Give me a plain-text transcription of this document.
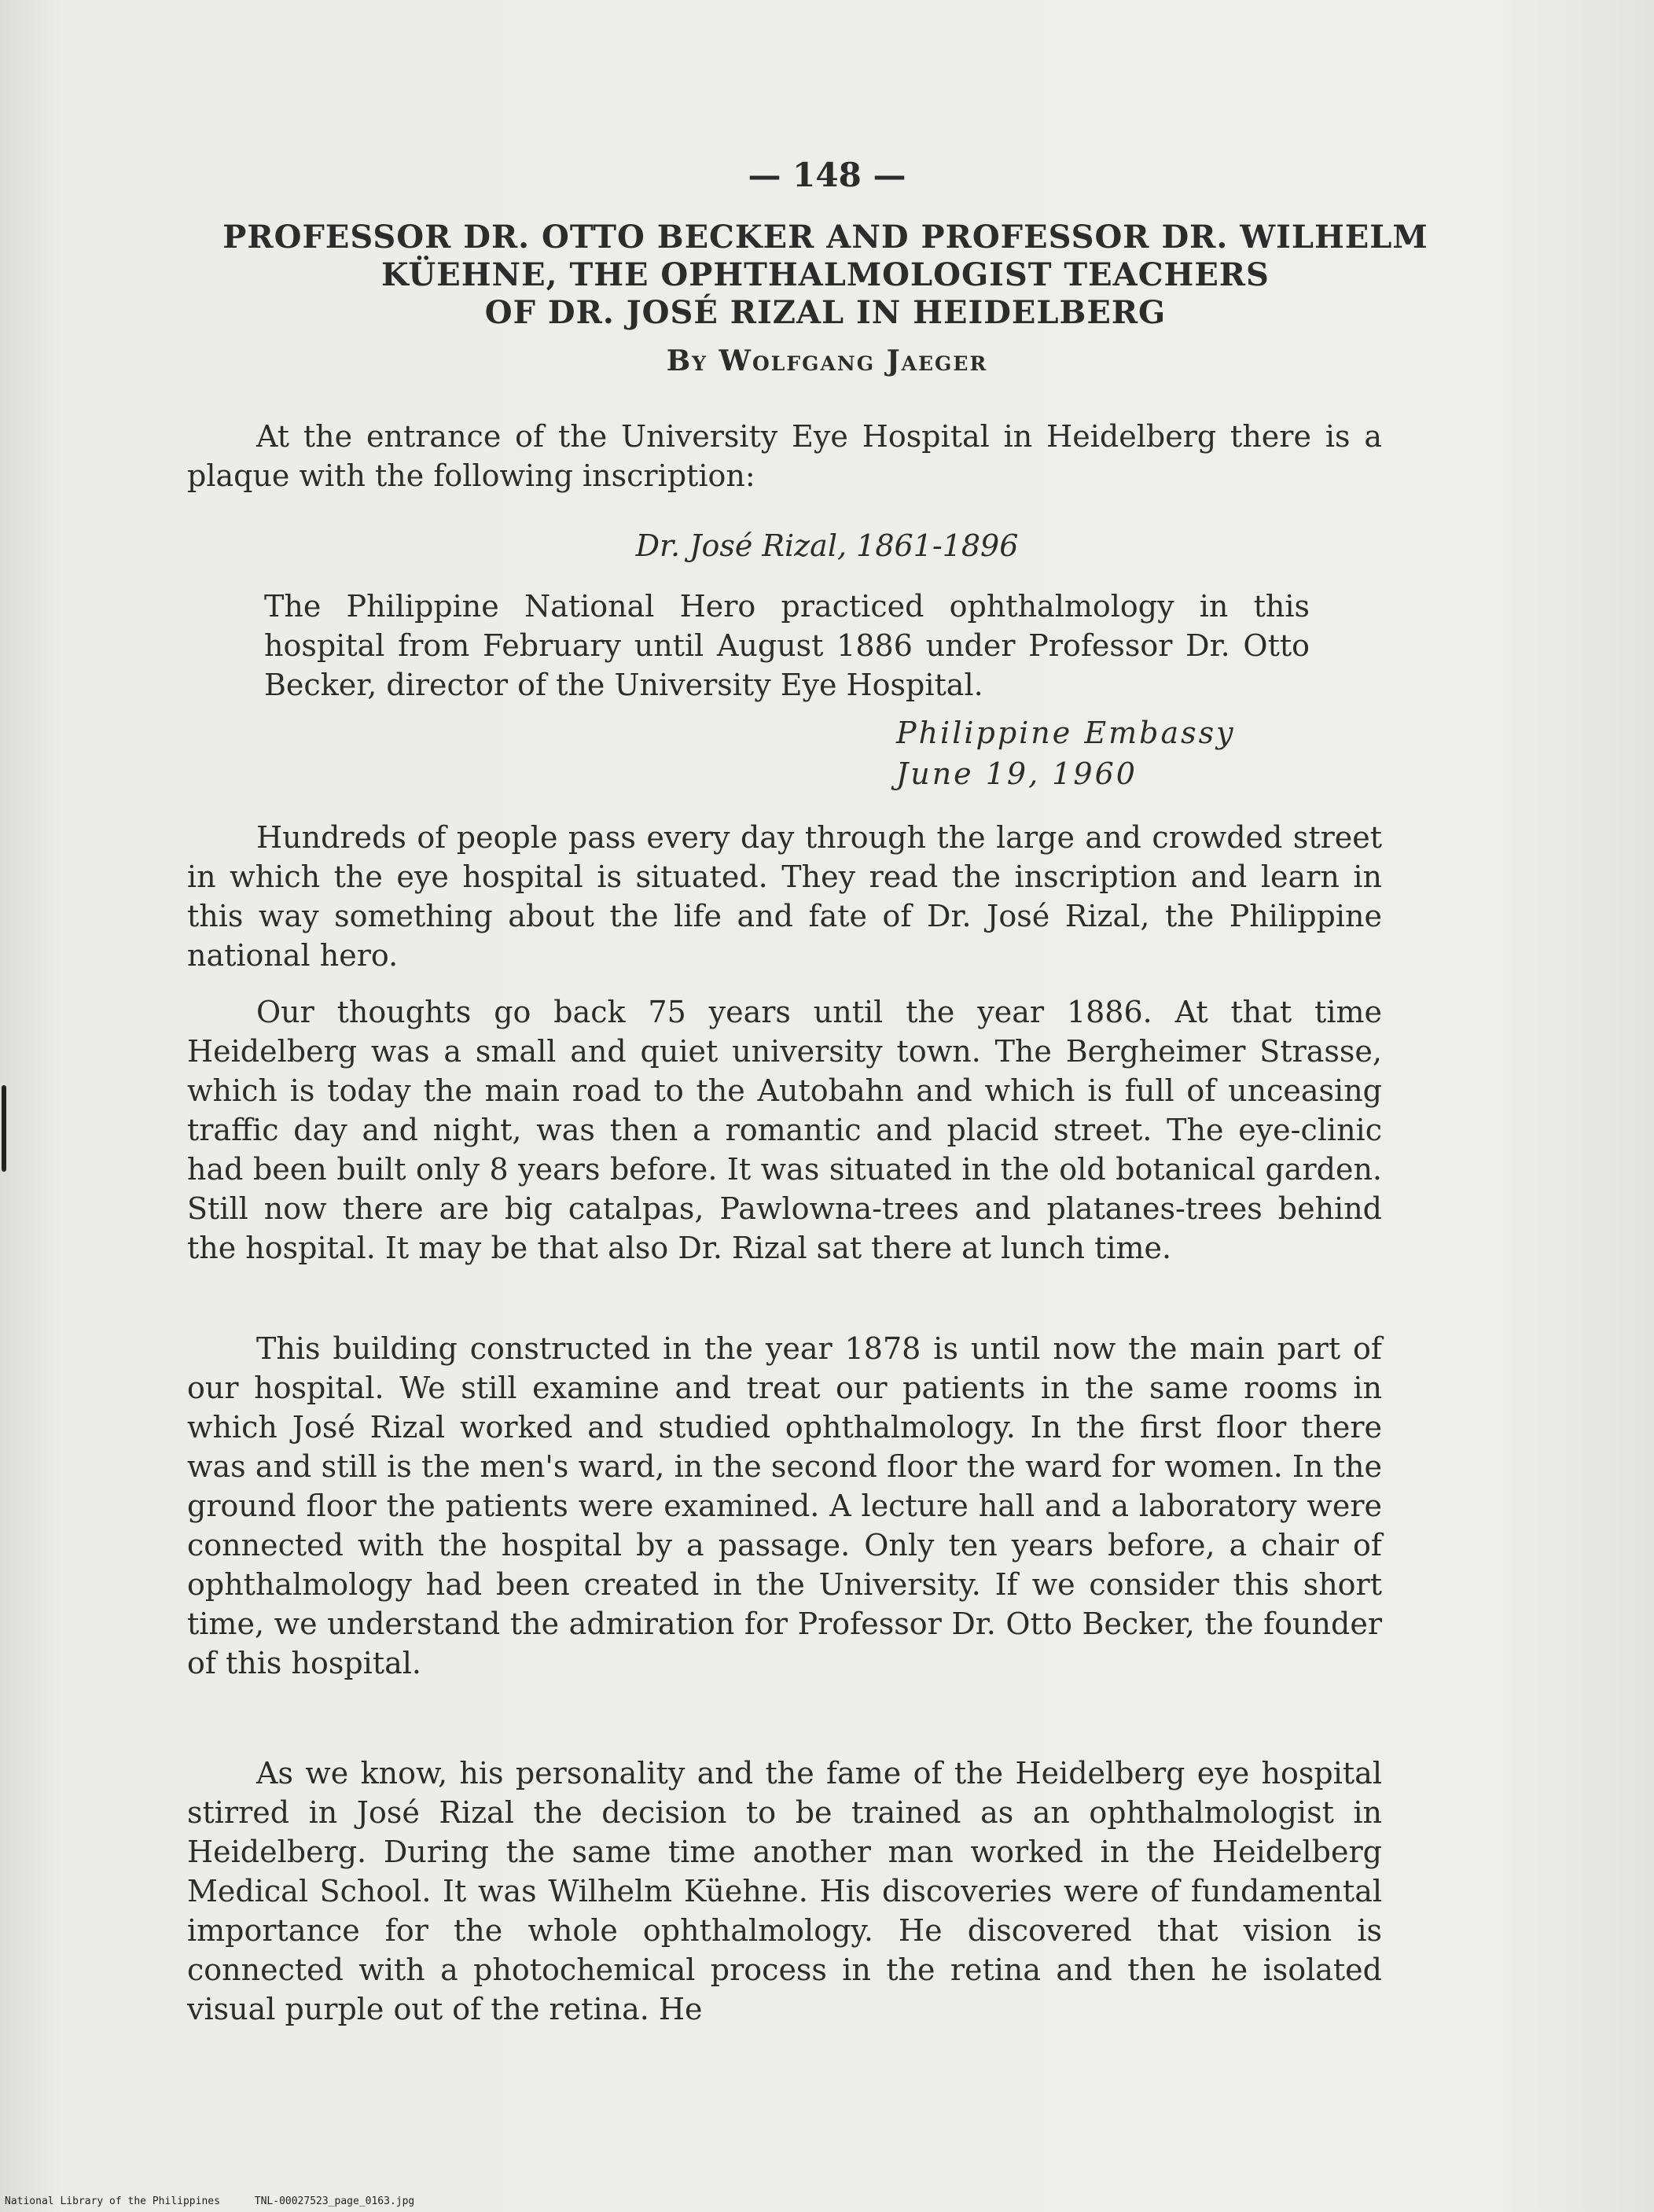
— 148 —
PROFESSOR DR. OTTO BECKER AND PROFESSOR DR. WILHELM
KÜEHNE, THE OPHTHALMOLOGIST TEACHERS
OF DR. JOSÉ RIZAL IN HEIDELBERG
By Wolfgang Jaeger

At the entrance of the University Eye Hospital in Heidelberg there is a plaque with the following inscription:

Dr. José Rizal, 1861-1896
The Philippine National Hero practiced ophthalmology in this hospital from February until August 1886 under Professor Dr. Otto Becker, director of the University Eye Hospital.
Philippine Embassy
June 19, 1960

Hundreds of people pass every day through the large and crowded street in which the eye hospital is situated. They read the inscription and learn in this way something about the life and fate of Dr. José Rizal, the Philippine national hero.

Our thoughts go back 75 years until the year 1886. At that time Heidelberg was a small and quiet university town. The Bergheimer Strasse, which is today the main road to the Autobahn and which is full of unceasing traffic day and night, was then a romantic and placid street. The eye-clinic had been built only 8 years before. It was situated in the old botanical garden. Still now there are big catalpas, Pawlowna-trees and platanes-trees behind the hospital. It may be that also Dr. Rizal sat there at lunch time.

This building constructed in the year 1878 is until now the main part of our hospital. We still examine and treat our patients in the same rooms in which José Rizal worked and studied ophthalmology. In the first floor there was and still is the men's ward, in the second floor the ward for women. In the ground floor the patients were examined. A lecture hall and a laboratory were connected with the hospital by a passage. Only ten years before, a chair of ophthalmology had been created in the University. If we consider this short time, we understand the admiration for Professor Dr. Otto Becker, the founder of this hospital.

As we know, his personality and the fame of the Heidelberg eye hospital stirred in José Rizal the decision to be trained as an ophthalmologist in Heidelberg. During the same time another man worked in the Heidelberg Medical School. It was Wilhelm Küehne. His discoveries were of fundamental importance for the whole ophthalmology. He discovered that vision is connected with a photochemical process in the retina and then he isolated visual purple out of the retina. He

National Library of the Philippines	TNL-00027523_page_0163.jpg
